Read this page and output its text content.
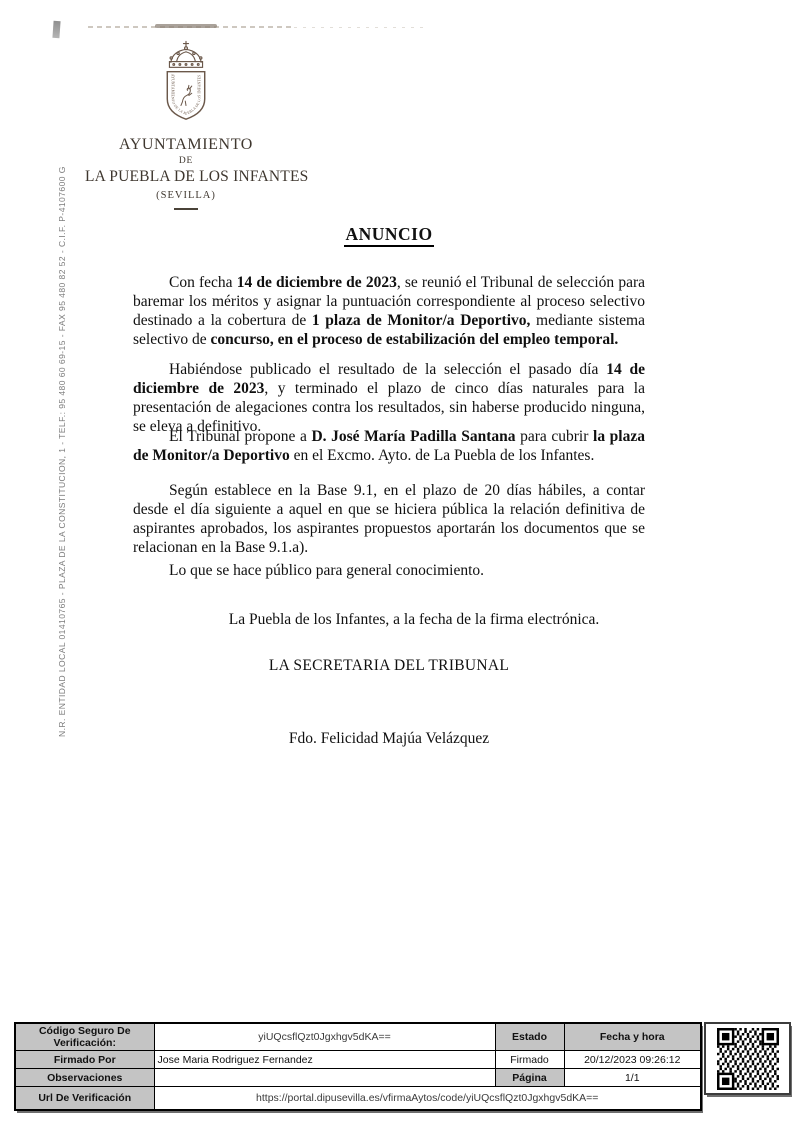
AYUNTAMIENTO DE LA PUEBLA DE LOS INFANTES
AYUNTAMIENTO
DE
LA PUEBLA DE LOS INFANTES
(SEVILLA)
N.R. ENTIDAD LOCAL 01410765 - PLAZA DE LA CONSTITUCION, 1 - TELF.: 95 480 60 69-15 - FAX 95 480 82 52 - C.I.F. P-4107600 G	ANUNCIO

Con fecha 14 de diciembre de 2023, se reunió el Tribunal de selección para baremar los méritos y asignar la puntuación correspondiente al proceso selectivo destinado a la cobertura de 1 plaza de Monitor/a Deportivo, mediante sistema selectivo de concurso, en el proceso de estabilización del empleo temporal.

Habiéndose publicado el resultado de la selección el pasado día 14 de diciembre de 2023, y terminado el plazo de cinco días naturales para la presentación de alegaciones contra los resultados, sin haberse producido ninguna, se eleva a definitivo.

El Tribunal propone a D. José María Padilla Santana para cubrir la plaza de Monitor/a Deportivo en el Excmo. Ayto. de La Puebla de los Infantes.

Según establece en la Base 9.1, en el plazo de 20 días hábiles, a contar desde el día siguiente a aquel en que se hiciera pública la relación definitiva de aspirantes aprobados, los aspirantes propuestos aportarán los documentos que se relacionan en la Base 9.1.a).

Lo que se hace público para general conocimiento.

La Puebla de los Infantes, a la fecha de la firma electrónica.

LA SECRETARIA DEL TRIBUNAL

Fdo. Felicidad Majúa Velázquez

Código Seguro De Verificación:	yiUQcsflQzt0Jgxhgv5dKA==	Estado	Fecha y hora
Firmado Por	Jose Maria Rodriguez Fernandez	Firmado	20/12/2023 09:26:12
Observaciones		Página	1/1
Url De Verificación	https://portal.dipusevilla.es/vfirmaAytos/code/yiUQcsflQzt0Jgxhgv5dKA==		
